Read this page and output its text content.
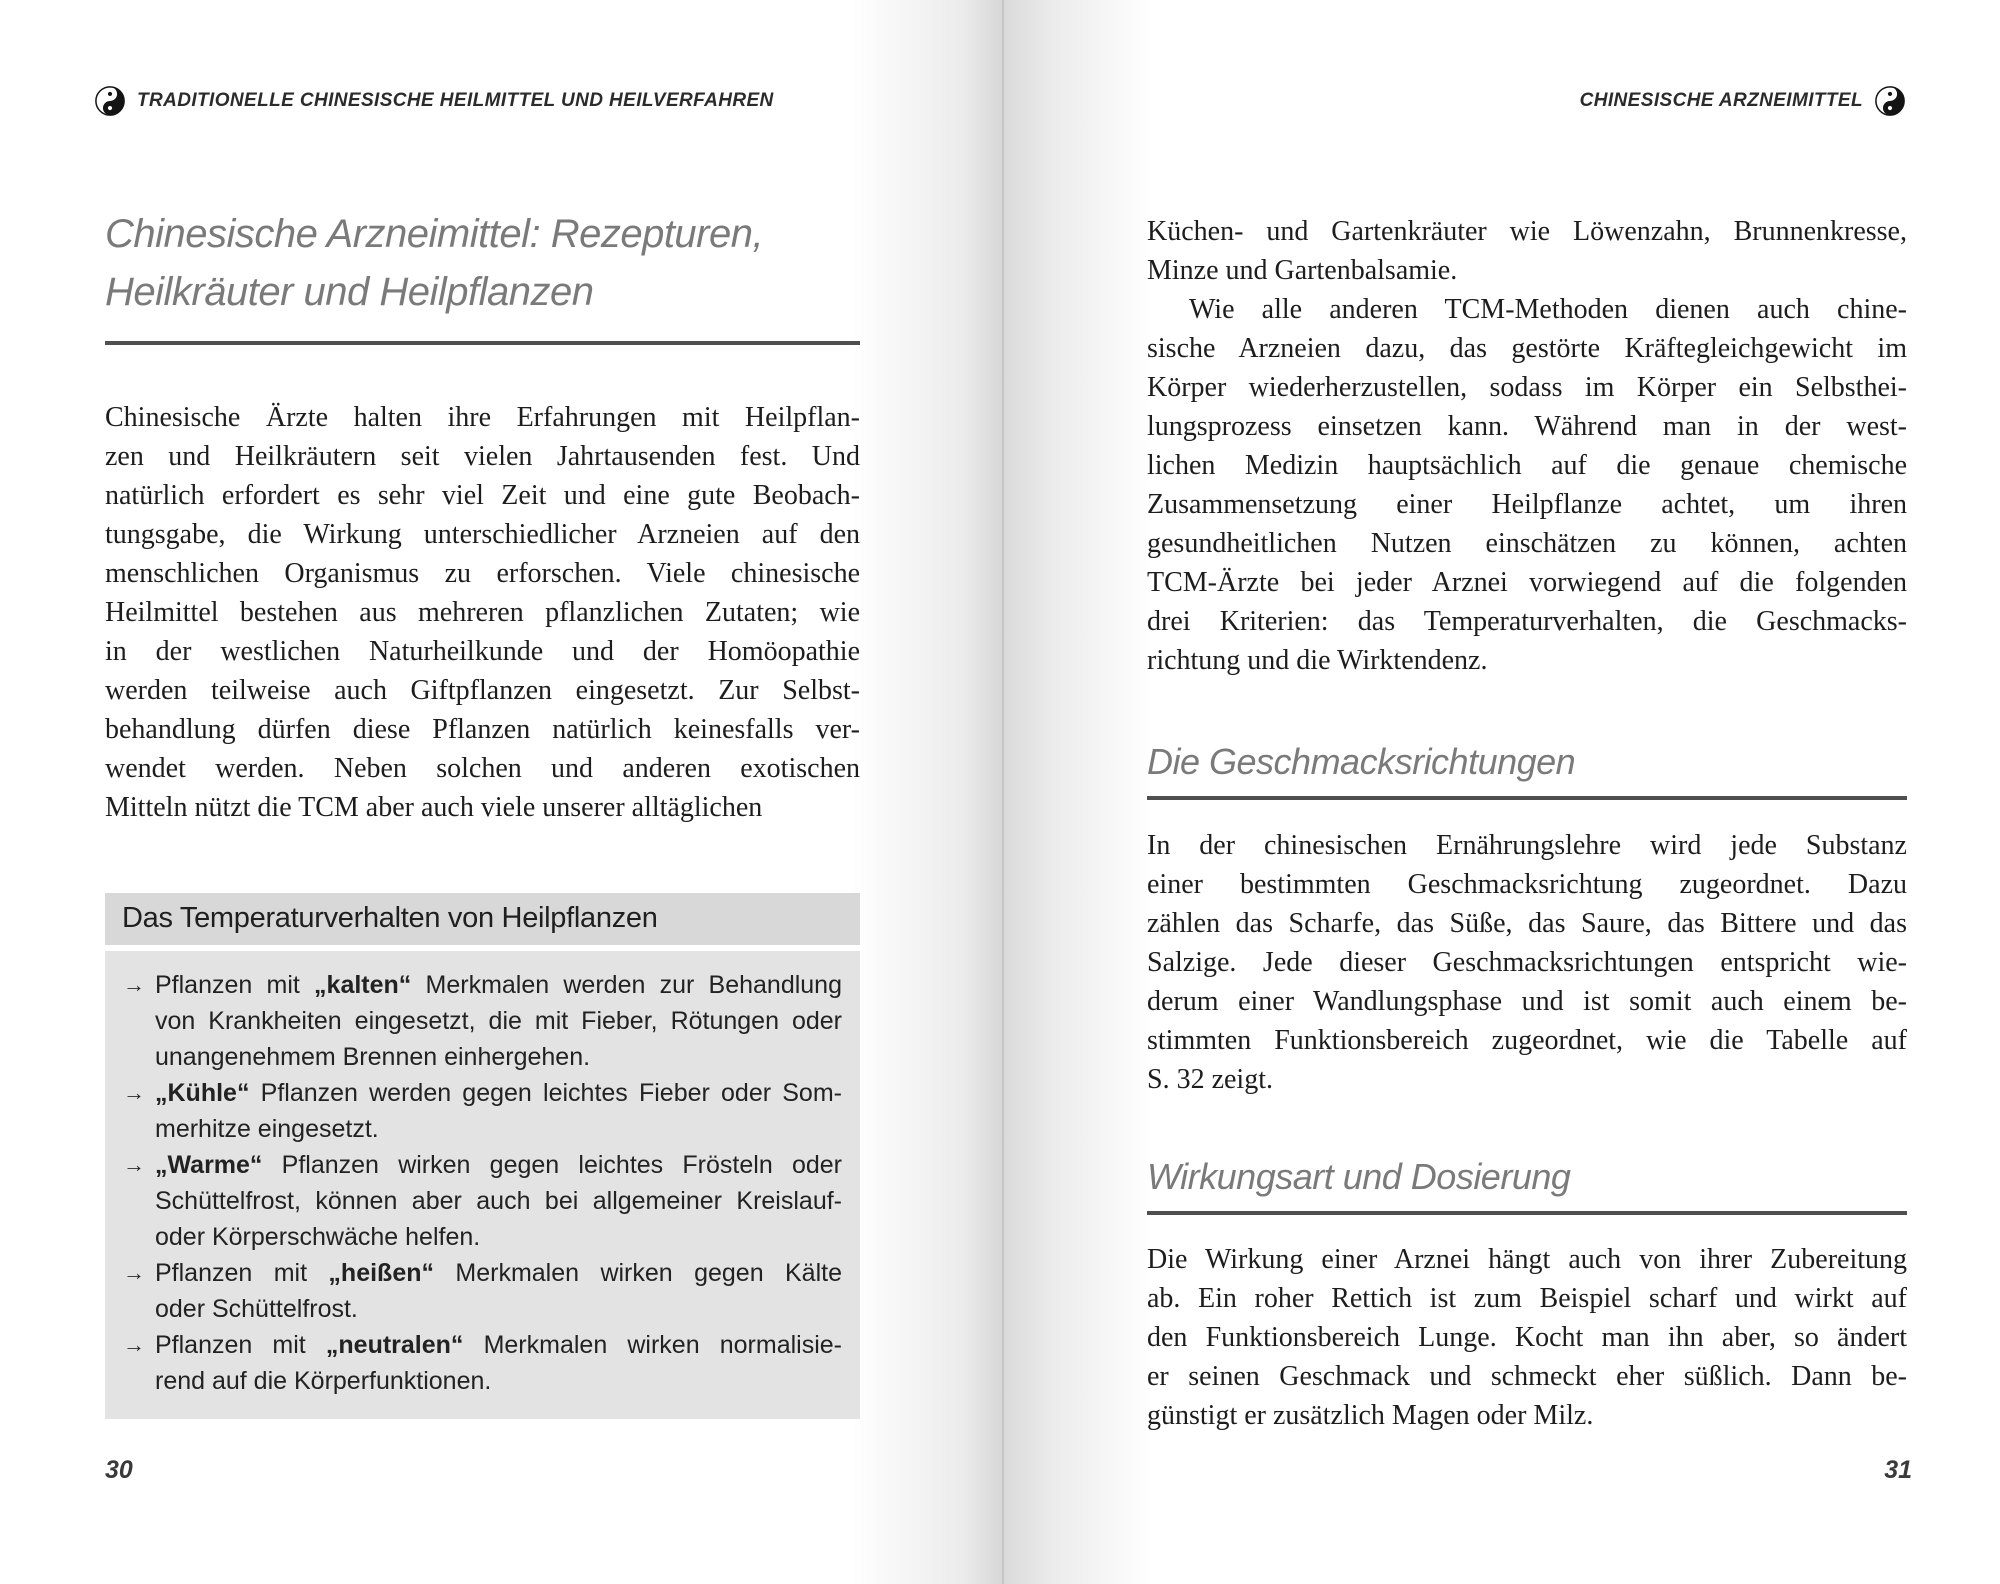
TRADITIONELLE CHINESISCHE HEILMITTEL UND HEILVERFAHREN
Chinesische Arzneimittel: Rezepturen,
Heilkräuter und Heilpflanzen
Chinesische Ärzte halten ihre Erfahrungen mit Heilpflan-
zen und Heilkräutern seit vielen Jahrtausenden fest. Und
natürlich erfordert es sehr viel Zeit und eine gute Beobach-
tungsgabe, die Wirkung unterschiedlicher Arzneien auf den
menschlichen Organismus zu erforschen. Viele chinesische
Heilmittel bestehen aus mehreren pflanzlichen Zutaten; wie
in der westlichen Naturheilkunde und der Homöopathie
werden teilweise auch Giftpflanzen eingesetzt. Zur Selbst-
behandlung dürfen diese Pflanzen natürlich keinesfalls ver-
wendet werden. Neben solchen und anderen exotischen
Mitteln nützt die TCM aber auch viele unserer alltäglichen
Das Temperaturverhalten von Heilpflanzen
→ Pflanzen mit „kalten“ Merkmalen werden zur Behandlung
von Krankheiten eingesetzt, die mit Fieber, Rötungen oder
unangenehmem Brennen einhergehen.
→ „Kühle“ Pflanzen werden gegen leichtes Fieber oder Som-
merhitze eingesetzt.
→ „Warme“ Pflanzen wirken gegen leichtes Frösteln oder
Schüttelfrost, können aber auch bei allgemeiner Kreislauf-
oder Körperschwäche helfen.
→ Pflanzen mit „heißen“ Merkmalen wirken gegen Kälte
oder Schüttelfrost.
→ Pflanzen mit „neutralen“ Merkmalen wirken normalisie-
rend auf die Körperfunktionen.
30
CHINESISCHE ARZNEIMITTEL
Küchen- und Gartenkräuter wie Löwenzahn, Brunnenkresse,
Minze und Gartenbalsamie.
Wie alle anderen TCM-Methoden dienen auch chine-
sische Arzneien dazu, das gestörte Kräftegleichgewicht im
Körper wiederherzustellen, sodass im Körper ein Selbsthei-
lungsprozess einsetzen kann. Während man in der west-
lichen Medizin hauptsächlich auf die genaue chemische
Zusammensetzung einer Heilpflanze achtet, um ihren
gesundheitlichen Nutzen einschätzen zu können, achten
TCM-Ärzte bei jeder Arznei vorwiegend auf die folgenden
drei Kriterien: das Temperaturverhalten, die Geschmacks-
richtung und die Wirktendenz.
Die Geschmacksrichtungen
In der chinesischen Ernährungslehre wird jede Substanz
einer bestimmten Geschmacksrichtung zugeordnet. Dazu
zählen das Scharfe, das Süße, das Saure, das Bittere und das
Salzige. Jede dieser Geschmacksrichtungen entspricht wie-
derum einer Wandlungsphase und ist somit auch einem be-
stimmten Funktionsbereich zugeordnet, wie die Tabelle auf
S. 32 zeigt.
Wirkungsart und Dosierung
Die Wirkung einer Arznei hängt auch von ihrer Zubereitung
ab. Ein roher Rettich ist zum Beispiel scharf und wirkt auf
den Funktionsbereich Lunge. Kocht man ihn aber, so ändert
er seinen Geschmack und schmeckt eher süßlich. Dann be-
günstigt er zusätzlich Magen oder Milz.
31
